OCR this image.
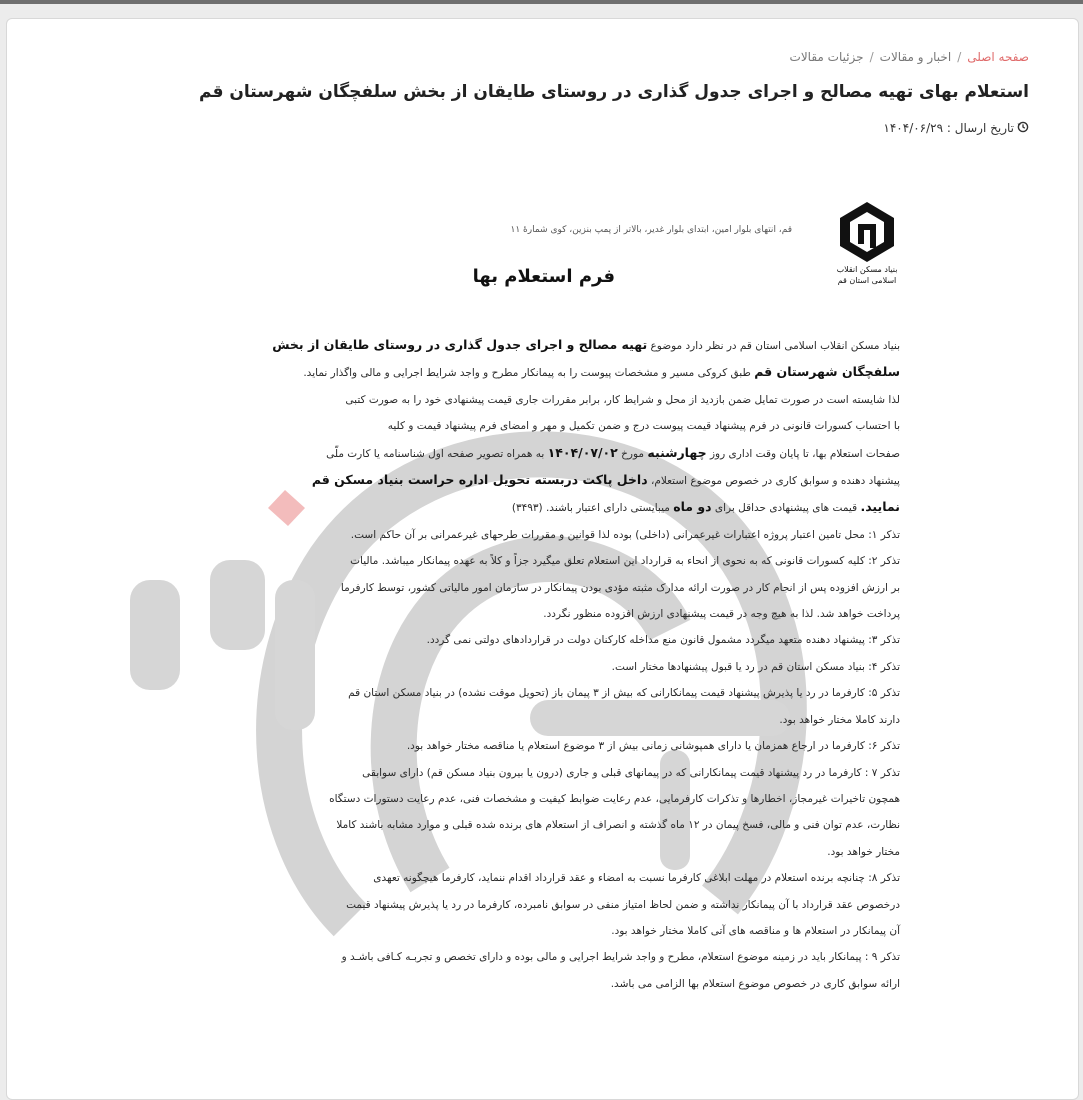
صفحه اصلی/اخبار و مقالات/جزئیات مقالات
استعلام بهای تهیه مصالح و اجرای جدول گذاری در روستای طایقان از بخش سلفچگان شهرستان قم
تاریخ ارسال : ۱۴۰۴/۰۶/۲۹
بنیاد مسکن انقلاب اسلامی استان قم
قم، انتهای بلوار امین، ابتدای بلوار غدیر، بالاتر از پمپ بنزین، کوی شمارهٔ ۱۱
فرم استعلام بها

بنیاد مسکن انقلاب اسلامی استان قم در نظر دارد موضوع تهیه مصالح و اجرای جدول گذاری در روستای طایقان از بخش

سلفچگان شهرستان قم طبق کروکی مسیر و مشخصات پیوست را به پیمانکار مطرح و واجد شرایط اجرایی و مالی واگذار نماید.

لذا شایسته است در صورت تمایل ضمن بازدید از محل و شرایط کار، برابر مقررات جاری قیمت پیشنهادی خود را به صورت کتبی

با احتساب کسورات قانونی در فرم پیشنهاد قیمت پیوست درج و ضمن تکمیل و مهر و امضای فرم پیشنهاد قیمت و کلیه

صفحات استعلام بها، تا پایان وقت اداری روز چهارشنبه مورخ ۱۴۰۴/۰۷/۰۲ به همراه تصویر صفحه اول شناسنامه یا کارت ملّی

پیشنهاد دهنده و سوابق کاری در خصوص موضوع استعلام، داخل پاکت دربسته تحویل اداره حراست بنیاد مسکن قم

نمایید. قیمت های پیشنهادی حداقل برای دو ماه میبایستی دارای اعتبار باشند. (۳۴۹۳)

تذکر ۱: محل تامین اعتبار پروژه اعتبارات غیرعمرانی (داخلی) بوده لذا قوانین و مقررات طرحهای غیرعمرانی بر آن حاکم است.

تذکر ۲: کلیه کسورات قانونی که به نحوی از انحاء به قرارداد این استعلام تعلق میگیرد جزاً و کلاً به عهده پیمانکار میباشد. مالیات

بر ارزش افزوده پس از انجام کار در صورت ارائه مدارک مثبته مؤدی بودن پیمانکار در سازمان امور مالیاتی کشور، توسط کارفرما

پرداخت خواهد شد. لذا به هیچ وجه در قیمت پیشنهادی ارزش افزوده منظور نگردد.

تذکر ۳: پیشنهاد دهنده متعهد میگردد مشمول قانون منع مداخله کارکنان دولت در قراردادهای دولتی نمی گردد.

تذکر ۴: بنیاد مسکن استان قم در رد یا قبول پیشنهادها مختار است.

تذکر ۵: کارفرما در رد یا پذیرش پیشنهاد قیمت پیمانکارانی که بیش از ۳ پیمان باز (تحویل موقت نشده) در بنیاد مسکن استان قم

دارند کاملا مختار خواهد بود.

تذکر ۶: کارفرما در ارجاع همزمان یا دارای همپوشانی زمانی بیش از ۳ موضوع استعلام یا مناقصه مختار خواهد بود.

تذکر ۷ : کارفرما در رد پیشنهاد قیمت پیمانکارانی که در پیمانهای قبلی و جاری (درون یا بیرون بنیاد مسکن قم) دارای سوابقی

همچون تاخیرات غیرمجاز، اخطارها و تذکرات کارفرمایی، عدم رعایت ضوابط کیفیت و مشخصات فنی، عدم رعایت دستورات دستگاه

نظارت، عدم توان فنی و مالی، فسخ پیمان در ۱۲ ماه گذشته و انصراف از استعلام های برنده شده قبلی و موارد مشابه باشند کاملا

مختار خواهد بود.

تذکر ۸: چنانچه برنده استعلام در مهلت ابلاغی کارفرما نسبت به امضاء و عقد قرارداد اقدام ننماید، کارفرما هیچگونه تعهدی

درخصوص عقد قرارداد با آن پیمانکار نداشته و ضمن لحاظ امتیاز منفی در سوابق نامبرده، کارفرما در رد یا پذیرش پیشنهاد قیمت

آن پیمانکار در استعلام ها و مناقصه های آتی کاملا مختار خواهد بود.

تذکر ۹ : پیمانکار باید در زمینه موضوع استعلام، مطرح و واجد شرایط اجرایی و مالی بوده و دارای تخصص و تجربـه کـافی باشـد و

ارائه سوابق کاری در خصوص موضوع استعلام بها الزامی می باشد.
